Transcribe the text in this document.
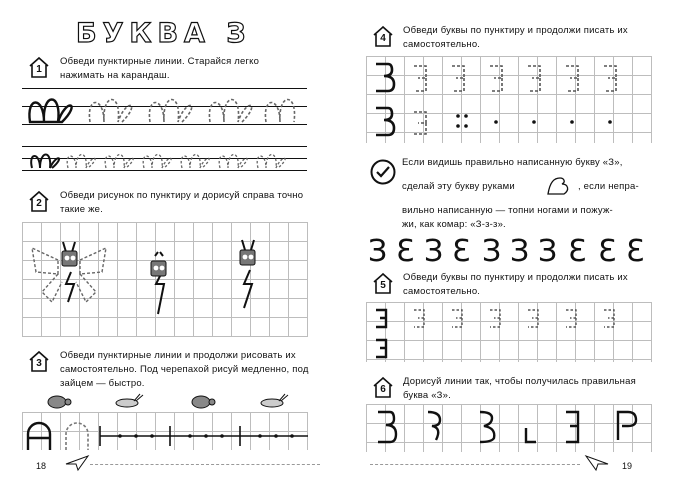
БУКВА З
1
Обведи пунктирные линии. Старайся легко нажимать на карандаш.
2
Обведи рисунок по пунктиру и дорисуй справа точно такие же.
3
Обведи пунктирные линии и продолжи рисовать их самостоятельно. Под черепахой рисуй медленно, под зайцем — быстро.
18
4
Обведи буквы по пунктиру и продолжи писать их самостоятельно.
Если видишь правильно написанную букву «З»,
сделай эту букву руками	, если непра-
вильно написанную — топни ногами и пожуж-
жи, как комар: «З-з-з».
З Ɛ З Ɛ З З З Ɛ Ɛ Ɛ
5
Обведи буквы по пунктиру и продолжи писать их самостоятельно.
6
Дорисуй линии так, чтобы получилась правильная буква «З».
19
